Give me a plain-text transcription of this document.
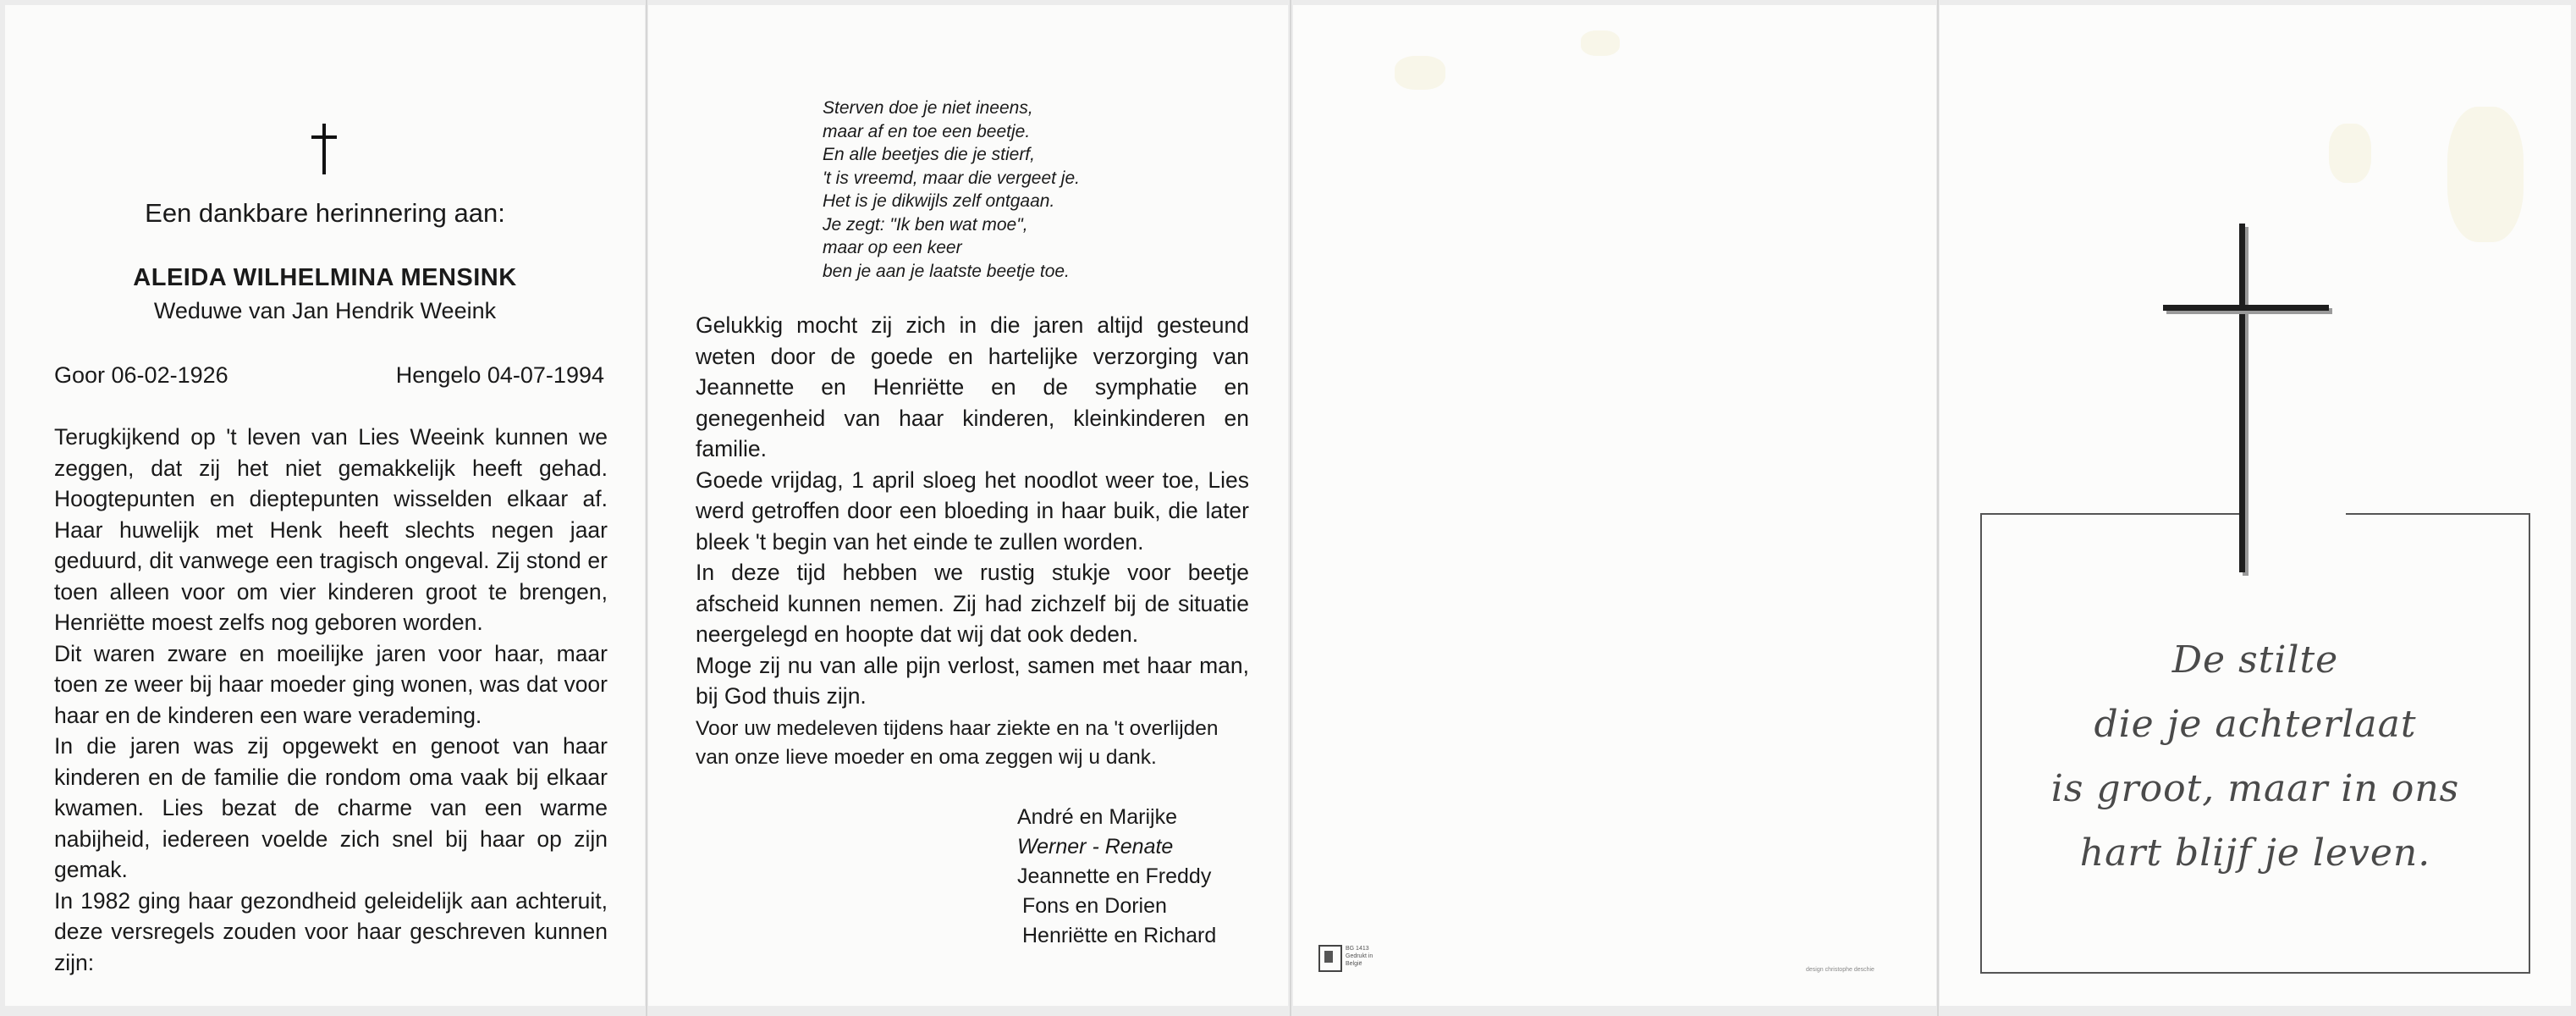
Een dankbare herinnering aan:
ALEIDA WILHELMINA MENSINK
Weduwe van Jan Hendrik Weeink
Goor 06-02-1926	Hengelo 04-07-1994

Terugkijkend op 't leven van Lies Weeink kunnen we zeggen, dat zij het niet gemakkelijk heeft gehad. Hoogtepunten en dieptepunten wisselden elkaar af. Haar huwelijk met Henk heeft slechts negen jaar geduurd, dit vanwege een tragisch ongeval. Zij stond er toen alleen voor om vier kinderen groot te brengen, Henriëtte moest zelfs nog geboren worden.

Dit waren zware en moeilijke jaren voor haar, maar toen ze weer bij haar moeder ging wonen, was dat voor haar en de kinderen een ware verademing.

In die jaren was zij opgewekt en genoot van haar kinderen en de familie die rondom oma vaak bij elkaar kwamen. Lies bezat de charme van een warme nabijheid, iedereen voelde zich snel bij haar op zijn gemak.

In 1982 ging haar gezondheid geleidelijk aan achteruit, deze versregels zouden voor haar geschreven kunnen zijn:

Sterven doe je niet ineens,
maar af en toe een beetje.
En alle beetjes die je stierf,
't is vreemd, maar die vergeet je.
Het is je dikwijls zelf ontgaan.
Je zegt: "Ik ben wat moe",
maar op een keer
ben je aan je laatste beetje toe.

Gelukkig mocht zij zich in die jaren altijd gesteund weten door de goede en hartelijke verzorging van Jeannette en Henriëtte en de symphatie en genegenheid van haar kinderen, kleinkinderen en familie.

Goede vrijdag, 1 april sloeg het noodlot weer toe, Lies werd getroffen door een bloeding in haar buik, die later bleek 't begin van het einde te zullen worden.

In deze tijd hebben we rustig stukje voor beetje afscheid kunnen nemen. Zij had zichzelf bij de situatie neergelegd en hoopte dat wij dat ook deden.

Moge zij nu van alle pijn verlost, samen met haar man, bij God thuis zijn.

Voor uw medeleven tijdens haar ziekte en na 't overlijden van onze lieve moeder en oma zeggen wij u dank.
André en Marijke
Werner - Renate
Jeannette en Freddy
Fons en Dorien
Henriëtte en Richard
BG 1413
Gedrukt in
België
design christophe deschie
De stilte
die je achterlaat
is groot, maar in ons
hart blijf je leven.
